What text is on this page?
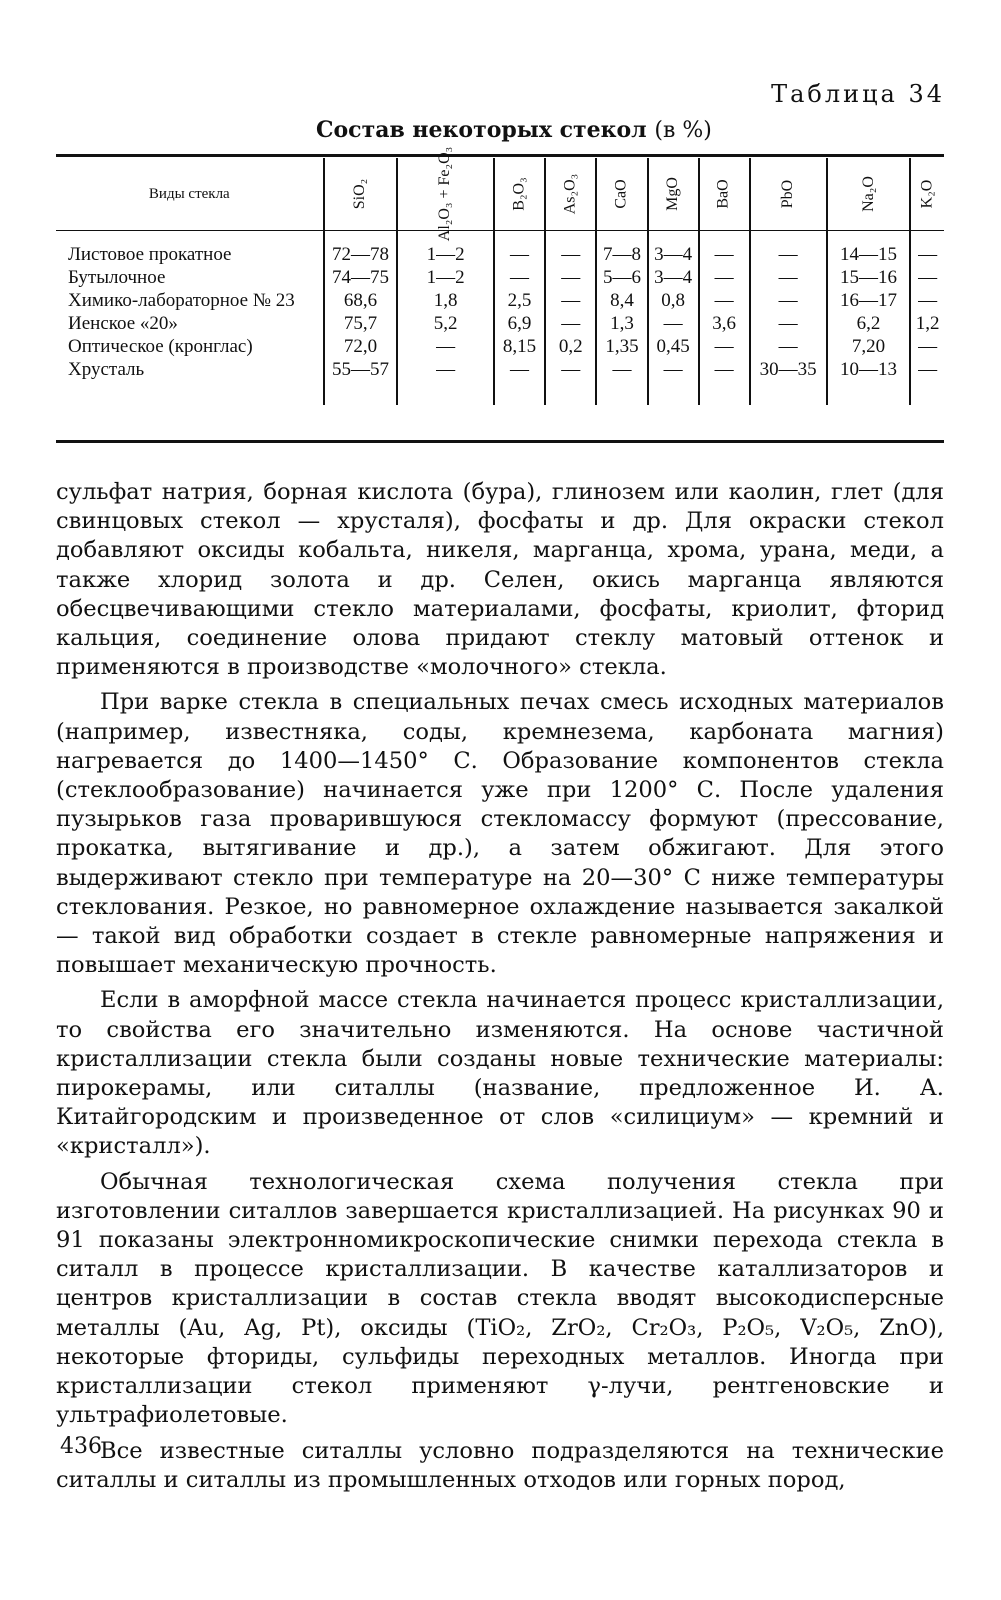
Таблица 34
Состав некоторых стекол (в %)
Виды стекла	SiO₂	Al₂O₃ + Fe₂O₃	B₂O₃	As₂O₃	CaO	MgO	BaO	PbO	Na₂O	K₂O
Листовое прокатное	72—78	1—2	—	—	7—8	3—4	—	—	14—15	—
Бутылочное	74—75	1—2	—	—	5—6	3—4	—	—	15—16	—
Химико-лабораторное № 23	68,6	1,8	2,5	—	8,4	0,8	—	—	16—17	—
Иенское «20»	75,7	5,2	6,9	—	1,3	—	3,6	—	6,2	1,2
Оптическое (кронглас)	72,0	—	8,15	0,2	1,35	0,45	—	—	7,20	—
Хрусталь	55—57	—	—	—	—	—	—	30—35	10—13	—

сульфат натрия, борная кислота (бура), глинозем или каолин, глет (для свинцовых стекол — хрусталя), фосфаты и др. Для окраски стекол добавляют оксиды кобальта, никеля, марганца, хрома, урана, меди, а также хлорид золота и др. Селен, окись марганца являются обесцвечивающими стекло материалами, фосфаты, криолит, фторид кальция, соединение олова придают стеклу матовый оттенок и применяются в производстве «молочного» стекла.

При варке стекла в специальных печах смесь исходных материалов (например, известняка, соды, кремнезема, карбоната магния) нагревается до 1400—1450° С. Образование компонентов стекла (стеклообразование) начинается уже при 1200° С. После удаления пузырьков газа проварившуюся стекломассу формуют (прессование, прокатка, вытягивание и др.), а затем обжигают. Для этого выдерживают стекло при температуре на 20—30° С ниже температуры стеклования. Резкое, но равномерное охлаждение называется закалкой — такой вид обработки создает в стекле равномерные напряжения и повышает механическую прочность.

Если в аморфной массе стекла начинается процесс кристаллизации, то свойства его значительно изменяются. На основе частичной кристаллизации стекла были созданы новые технические материалы: пирокерамы, или ситаллы (название, предложенное И. А. Китайгородским и произведенное от слов «силициум» — кремний и «кристалл»).

Обычная технологическая схема получения стекла при изготовлении ситаллов завершается кристаллизацией. На рисунках 90 и 91 показаны электронномикроскопические снимки перехода стекла в ситалл в процессе кристаллизации. В качестве каталлизаторов и центров кристаллизации в состав стекла вводят высокодисперсные металлы (Au, Ag, Pt), оксиды (TiO₂, ZrO₂, Cr₂O₃, P₂O₅, V₂O₅, ZnO), некоторые фториды, сульфиды переходных металлов. Иногда при кристаллизации стекол применяют γ-лучи, рентгеновские и ультрафиолетовые.

Все известные ситаллы условно подразделяются на технические ситаллы и ситаллы из промышленных отходов или горных пород,

436
